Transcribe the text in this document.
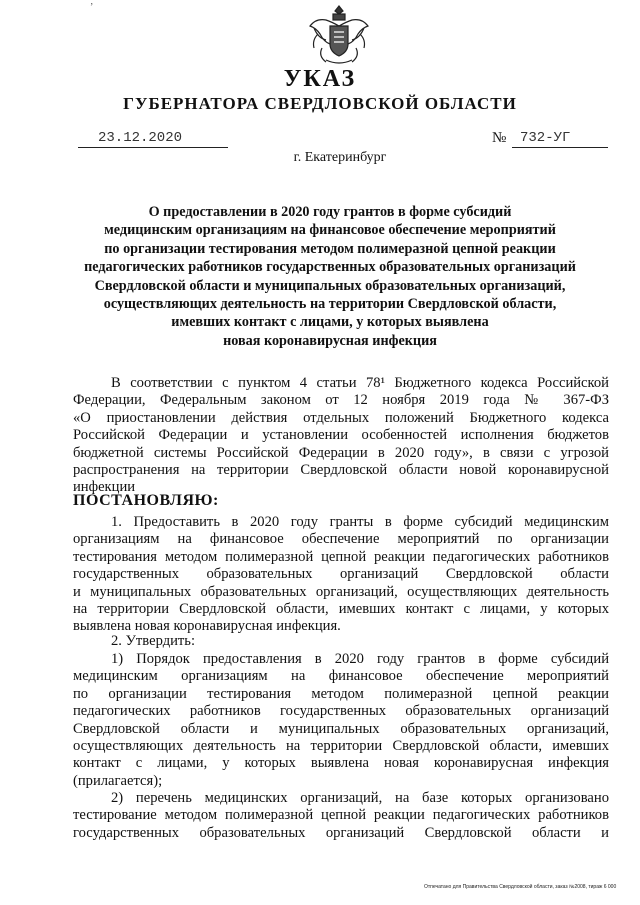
ʼ
УКАЗ
ГУБЕРНАТОРА СВЕРДЛОВСКОЙ ОБЛАСТИ
23.12.2020	№ 732-УГ
г. Екатеринбург
О предоставлении в 2020 году грантов в форме субсидий
медицинским организациям на финансовое обеспечение мероприятий
по организации тестирования методом полимеразной цепной реакции
педагогических работников государственных образовательных организаций
Свердловской области и муниципальных образовательных организаций,
осуществляющих деятельность на территории Свердловской области,
имевших контакт с лицами, у которых выявлена
новая коронавирусная инфекция
В соответствии с пунктом 4 статьи 78¹ Бюджетного кодекса Российской
Федерации, Федеральным законом от 12 ноября 2019 года № 367-ФЗ
«О приостановлении действия отдельных положений Бюджетного кодекса
Российской Федерации и установлении особенностей исполнения бюджетов
бюджетной системы Российской Федерации в 2020 году», в связи с угрозой
распространения на территории Свердловской области новой коронавирусной
инфекции
ПОСТАНОВЛЯЮ:
1. Предоставить в 2020 году гранты в форме субсидий медицинским
организациям на финансовое обеспечение мероприятий по организации
тестирования методом полимеразной цепной реакции педагогических работников
государственных образовательных организаций Свердловской области
и муниципальных образовательных организаций, осуществляющих деятельность
на территории Свердловской области, имевших контакт с лицами, у которых
выявлена новая коронавирусная инфекция.
2. Утвердить:
1) Порядок предоставления в 2020 году грантов в форме субсидий
медицинским организациям на финансовое обеспечение мероприятий
по организации тестирования методом полимеразной цепной реакции
педагогических работников государственных образовательных организаций
Свердловской области и муниципальных образовательных организаций,
осуществляющих деятельность на территории Свердловской области, имевших
контакт с лицами, у которых выявлена новая коронавирусная инфекция
(прилагается);
2) перечень медицинских организаций, на базе которых организовано
тестирование методом полимеразной цепной реакции педагогических работников
государственных образовательных организаций Свердловской области и
Отпечатано для Правительства Свердловской области, заказ №2008, тираж 6 000
